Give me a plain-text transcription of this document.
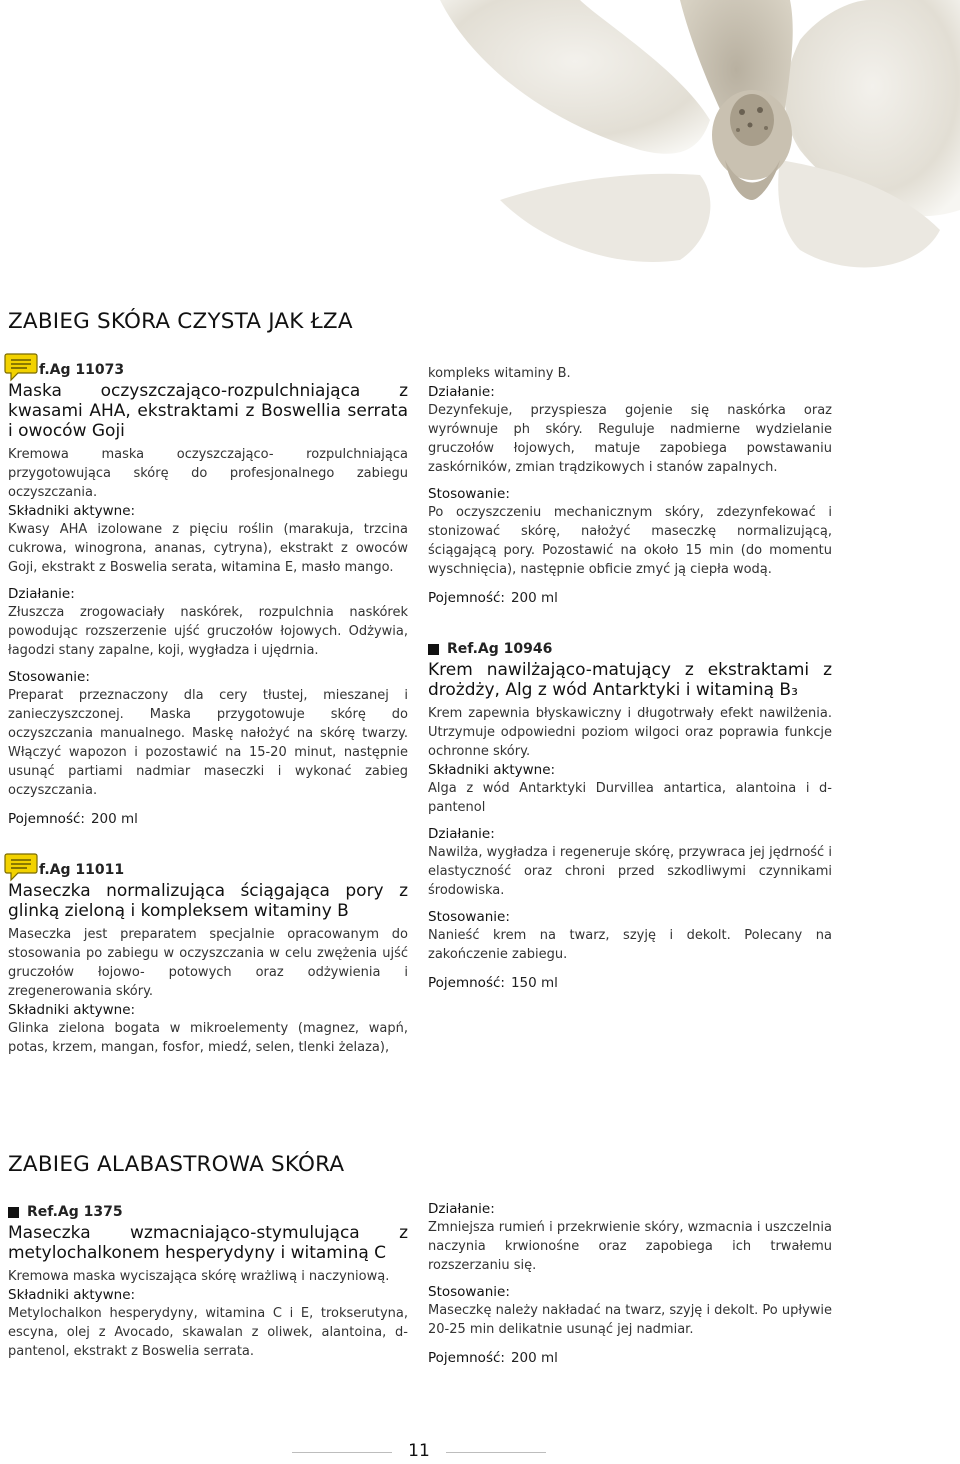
ZABIEG SKÓRA CZYSTA JAK ŁZA
f.Ag 11073
Maska oczyszczająco-rozpulchniająca z kwasami AHA, ekstraktami z Boswellia serrata i owoców Goji

Kremowa maska oczyszczająco- rozpulchniająca przygotowująca skórę do profesjonalnego zabiegu oczyszczania.

Składniki aktywne:

Kwasy AHA izolowane z pięciu roślin (marakuja, trzcina cukrowa, winogrona, ananas, cytryna), ekstrakt z owoców Goji, ekstrakt z Boswelia serata, witamina E, masło mango.

Działanie:

Złuszcza zrogowaciały naskórek, rozpulchnia naskórek powodując rozszerzenie ujść gruczołów łojowych. Odżywia, łagodzi stany zapalne, koji, wygładza i ujędrnia.

Stosowanie:

Preparat przeznaczony dla cery tłustej, mieszanej i zanieczyszczonej. Maska przygotowuje skórę do oczyszczania manualnego. Maskę nałożyć na skórę twarzy. Włączyć wapozon i pozostawić na 15-20 minut, następnie usunąć partiami nadmiar maseczki i wykonać zabieg oczyszczania.

Pojemność: 200 ml
f.Ag 11011
Maseczka normalizująca ściągająca pory z glinką zieloną i kompleksem witaminy B

Maseczka jest preparatem specjalnie opracowanym do stosowania po zabiegu w oczyszczania w celu zwężenia ujść gruczołów łojowo- potowych oraz odżywienia i zregenerowania skóry.

Składniki aktywne:

Glinka zielona bogata w mikroelementy (magnez, wapń, potas, krzem, mangan, fosfor, miedź, selen, tlenki żelaza),

kompleks witaminy B.

Działanie:

Dezynfekuje, przyspiesza gojenie się naskórka oraz wyrównuje ph skóry. Reguluje nadmierne wydzielanie gruczołów łojowych, matuje zapobiega powstawaniu zaskórników, zmian trądzikowych i stanów zapalnych.

Stosowanie:

Po oczyszczeniu mechanicznym skóry, zdezynfekować i stonizować skórę, nałożyć maseczkę normalizującą, ściągającą pory. Pozostawić na około 15 min (do momentu wyschnięcia), następnie obficie zmyć ją ciepła wodą.

Pojemność: 200 ml
Ref.Ag 10946
Krem nawilżająco-matujący z ekstraktami z drożdży, Alg z wód Antarktyki i witaminą B₃

Krem zapewnia błyskawiczny i długotrwały efekt nawilżenia. Utrzymuje odpowiedni poziom wilgoci oraz poprawia funkcje ochronne skóry.

Składniki aktywne:

Alga z wód Antarktyki Durvillea antartica, alantoina i d-pantenol

Działanie:

Nawilża, wygładza i regeneruje skórę, przywraca jej jędrność i elastyczność oraz chroni przed szkodliwymi czynnikami środowiska.

Stosowanie:

Nanieść krem na twarz, szyję i dekolt. Polecany na zakończenie zabiegu.

Pojemność: 150 ml
ZABIEG ALABASTROWA SKÓRA
Ref.Ag 1375
Maseczka wzmacniająco-stymulująca z metylochalkonem hesperydyny i witaminą C

Kremowa maska wyciszająca skórę wrażliwą i naczyniową.

Składniki aktywne:

Metylochalkon hesperydyny, witamina C i E, trokserutyna, escyna, olej z Avocado, skawalan z oliwek, alantoina, d-pantenol, ekstrakt z Boswelia serrata.

Działanie:

Zmniejsza rumień i przekrwienie skóry, wzmacnia i uszczelnia naczynia krwionośne oraz zapobiega ich trwałemu rozszerzaniu się.

Stosowanie:

Maseczkę należy nakładać na twarz, szyję i dekolt. Po upływie 20-25 min delikatnie usunąć jej nadmiar.

Pojemność: 200 ml
11
